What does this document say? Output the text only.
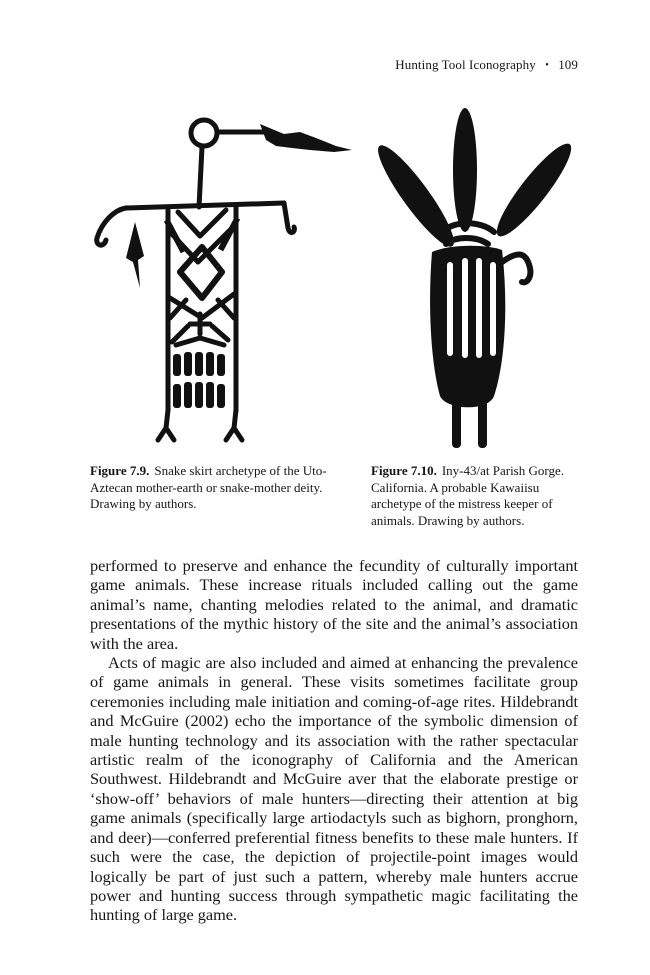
Hunting Tool Iconography • 109
Figure 7.9. Snake skirt archetype of the Uto-Aztecan mother-earth or snake-mother deity. Drawing by authors.
Figure 7.10. Iny-43/at Parish Gorge. California. A probable Kawaiisu archetype of the mistress keeper of animals. Drawing by authors.

performed to preserve and enhance the fecundity of culturally important game animals. These increase rituals included calling out the game animal’s name, chanting melodies related to the animal, and dramatic presentations of the mythic history of the site and the animal’s association with the area.

Acts of magic are also included and aimed at enhancing the prevalence of game animals in general. These visits sometimes facilitate group ceremonies including male initiation and coming-of-age rites. Hildebrandt and McGuire (2002) echo the importance of the symbolic dimension of male hunting technology and its association with the rather spectacular artistic realm of the iconography of California and the American Southwest. Hildebrandt and McGuire aver that the elaborate prestige or ‘show-off’ behaviors of male hunters—directing their attention at big game animals (specifically large artiodactyls such as bighorn, pronghorn, and deer)—conferred preferential fitness benefits to these male hunters. If such were the case, the depiction of projectile-point images would logically be part of just such a pattern, whereby male hunters accrue power and hunting success through sympathetic magic facilitating the hunting of large game.
